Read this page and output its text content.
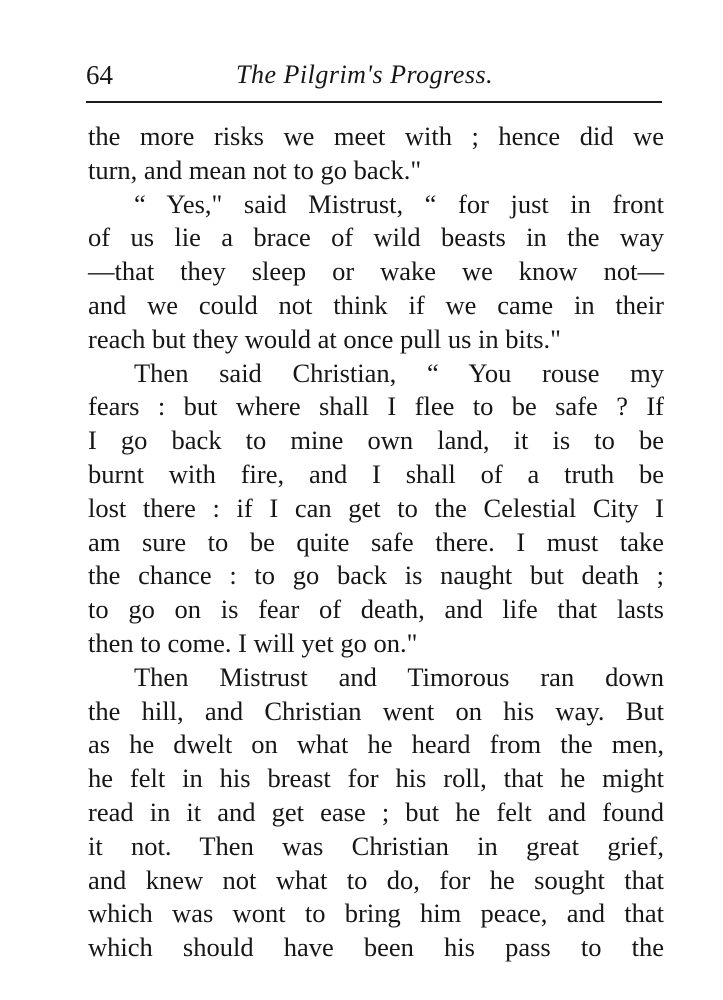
64	The Pilgrim's Progress.
the more risks we meet with ; hence did we
turn, and mean not to go back."
“ Yes," said Mistrust, “ for just in front
of us lie a brace of wild beasts in the way
—that they sleep or wake we know not—
and we could not think if we came in their
reach but they would at once pull us in bits."
Then said Christian, “ You rouse my
fears : but where shall I flee to be safe ? If
I go back to mine own land, it is to be
burnt with fire, and I shall of a truth be
lost there : if I can get to the Celestial City I
am sure to be quite safe there. I must take
the chance : to go back is naught but death ;
to go on is fear of death, and life that lasts
then to come. I will yet go on."
Then Mistrust and Timorous ran down
the hill, and Christian went on his way. But
as he dwelt on what he heard from the men,
he felt in his breast for his roll, that he might
read in it and get ease ; but he felt and found
it not. Then was Christian in great grief,
and knew not what to do, for he sought that
which was wont to bring him peace, and that
which should have been his pass to the
